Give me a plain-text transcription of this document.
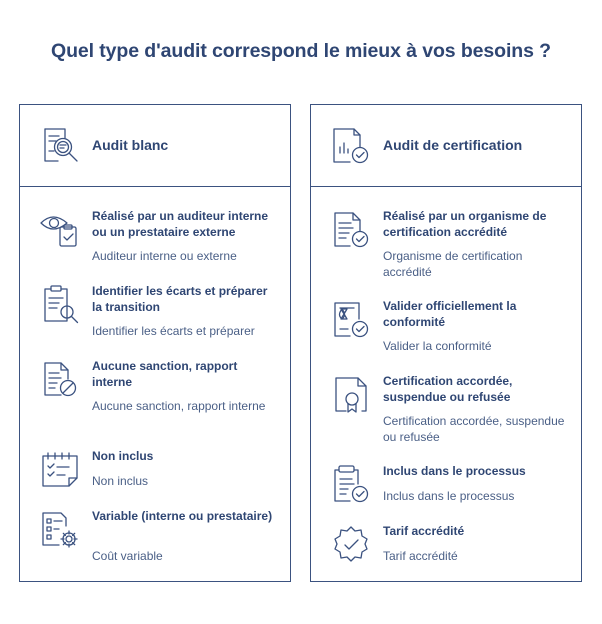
Quel type d'audit correspond le mieux à vos besoins ?
Audit blanc
Réalisé par un auditeur interne ou un prestataire externe
Auditeur interne ou externe
Identifier les écarts et préparer la transition
Identifier les écarts et préparer
Aucune sanction, rapport interne
Aucune sanction, rapport interne
Non inclus
Non inclus
Variable (interne ou prestataire)
Coût variable
Audit de certification
Réalisé par un organisme de certification accrédité
Organisme de certification accrédité
Valider officiellement la conformité
Valider la conformité
Certification accordée, suspendue ou refusée
Certification accordée, suspendue ou refusée
Inclus dans le processus
Inclus dans le processus
Tarif accrédité
Tarif accrédité
